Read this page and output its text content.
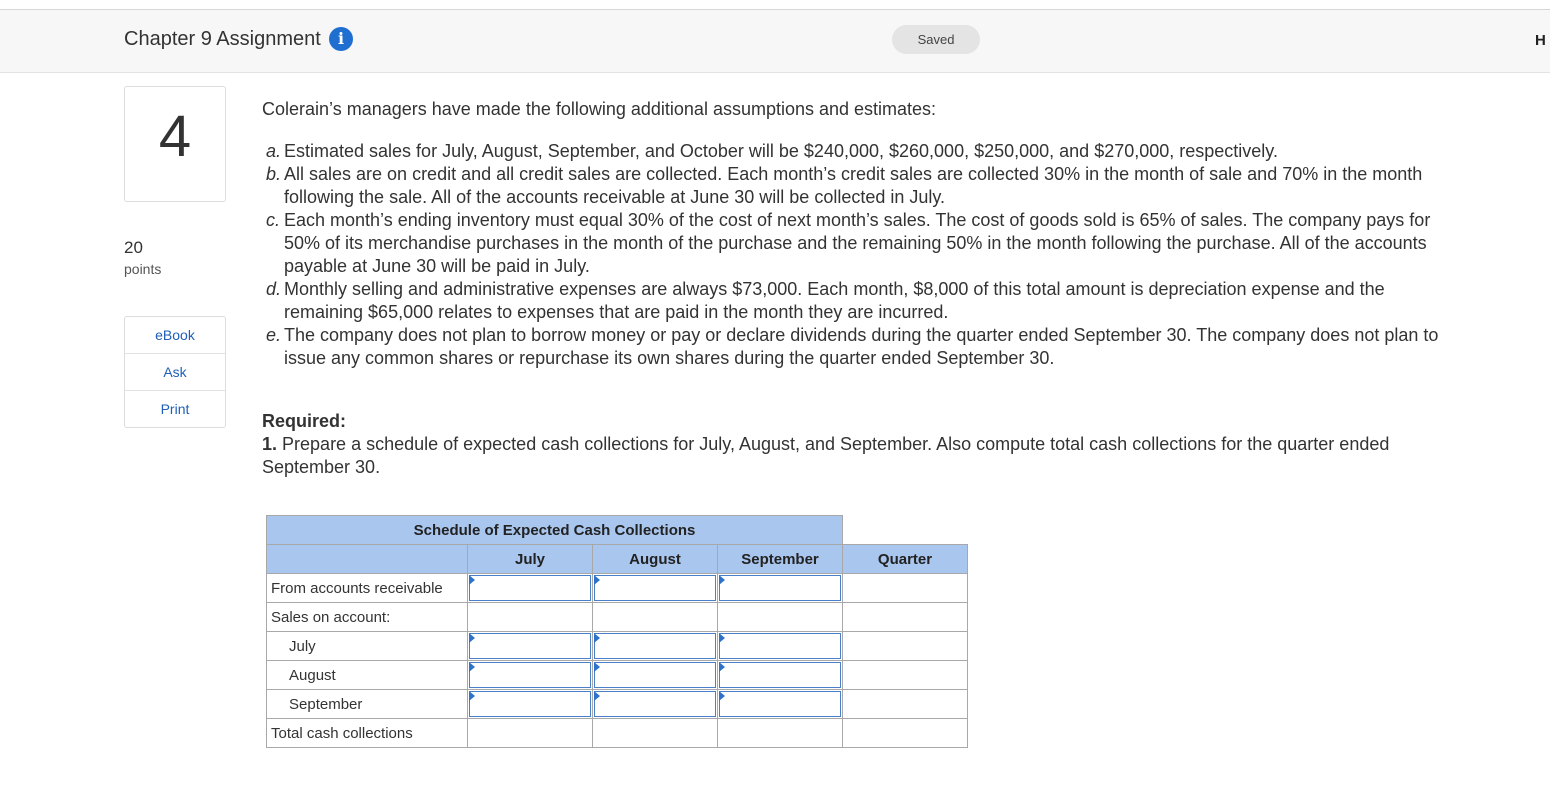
Chapter 9 Assignment	i	Saved	H
4
20
points
eBook
Ask
Print

Colerain’s managers have made the following additional assumptions and estimates:

a. Estimated sales for July, August, September, and October will be $240,000, $260,000, $250,000, and $270,000, respectively.
b. All sales are on credit and all credit sales are collected. Each month’s credit sales are collected 30% in the month of sale and 70% in the month following the sale. All of the accounts receivable at June 30 will be collected in July.
c. Each month’s ending inventory must equal 30% of the cost of next month’s sales. The cost of goods sold is 65% of sales. The company pays for 50% of its merchandise purchases in the month of the purchase and the remaining 50% in the month following the purchase. All of the accounts payable at June 30 will be paid in July.
d. Monthly selling and administrative expenses are always $73,000. Each month, $8,000 of this total amount is depreciation expense and the remaining $65,000 relates to expenses that are paid in the month they are incurred.
e. The company does not plan to borrow money or pay or declare dividends during the quarter ended September 30. The company does not plan to issue any common shares or repurchase its own shares during the quarter ended September 30.
Required:
1. Prepare a schedule of expected cash collections for July, August, and September. Also compute total cash collections for the quarter ended September 30.
Schedule of Expected Cash Collections				
	July	August	September	Quarter
From accounts receivable	

Sales on account:				
July	

August	

September	

Total cash collections				
